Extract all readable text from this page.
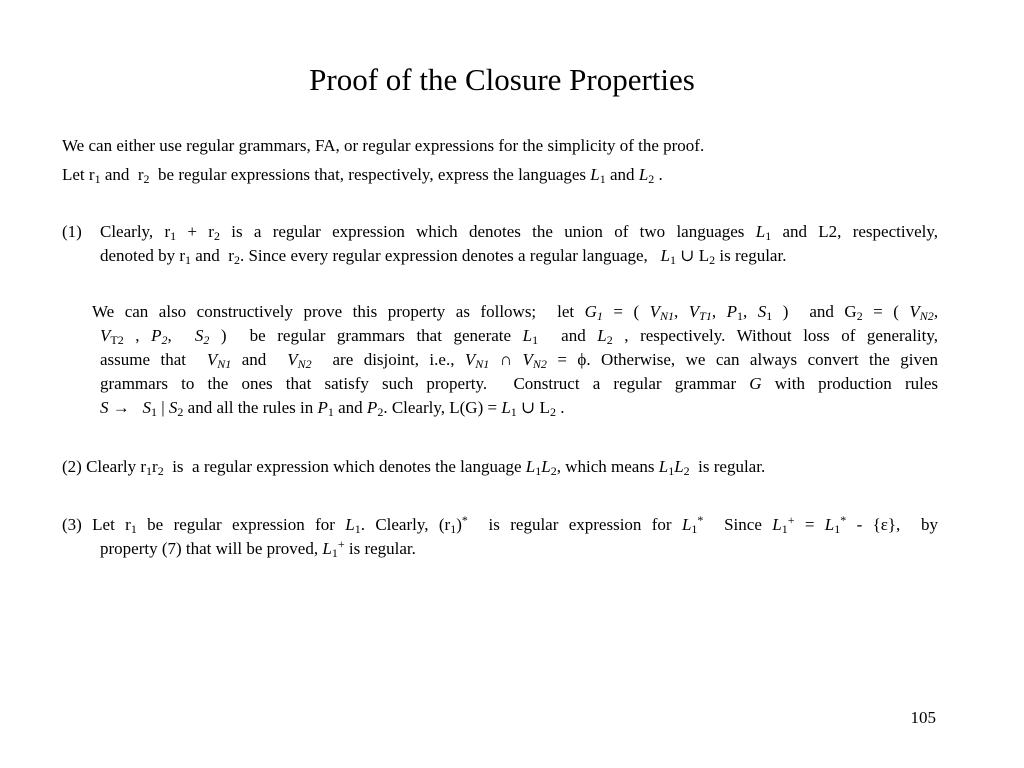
Proof of the Closure Properties
We can either use regular grammars, FA, or regular expressions for the simplicity of the proof.
Let $r_1$ and  $r_2$  be regular expressions that, respectively, express the languages $L_1$ and $L_2$ .
(1) Clearly, $r_1 + r_2$ is a regular expression which denotes the union of two languages $L_1$ and L2, respectively,
denoted by $r_1$ and  $r_2$. Since every regular expression denotes a regular language,   $L_1$ ∪ $L_2$ is regular.
We can also constructively prove this property as follows;  let $G_1$ = ( $V_{N1}$, $V_{T1}$, $P_1$, $S_1$ )  and $G_2$ = ( $V_{N2}$,
$V_{T2}$ , $P_2$,  $S_2$ )  be regular grammars that generate $L_1$  and $L_2$ , respectively. Without loss of generality,
assume that  $V_{N1}$ and  $V_{N2}$  are disjoint, i.e., $V_{N1}$ ∩ $V_{N2} = \phi$. Otherwise, we can always convert the given
grammars to the ones that satisfy such property.  Construct a regular grammar G with production rules
$S \to S_1$ | $S_2$ and all the rules in $P_1$ and $P_2$. Clearly, $L(G) = L_1$ ∪ $L_2$ .
(2) Clearly $r_1r_2$  is  a regular expression which denotes the language $L_1L_2$, which means $L_1L_2$  is regular.
(3) Let $r_1$ be regular expression for $L_1$. Clearly, $(r_1)^*$  is regular expression for $L_1^*$  Since $L_1^+ = L_1^* - \{\varepsilon\}$,  by
property (7) that will be proved, $L_1^+$ is regular.
105
